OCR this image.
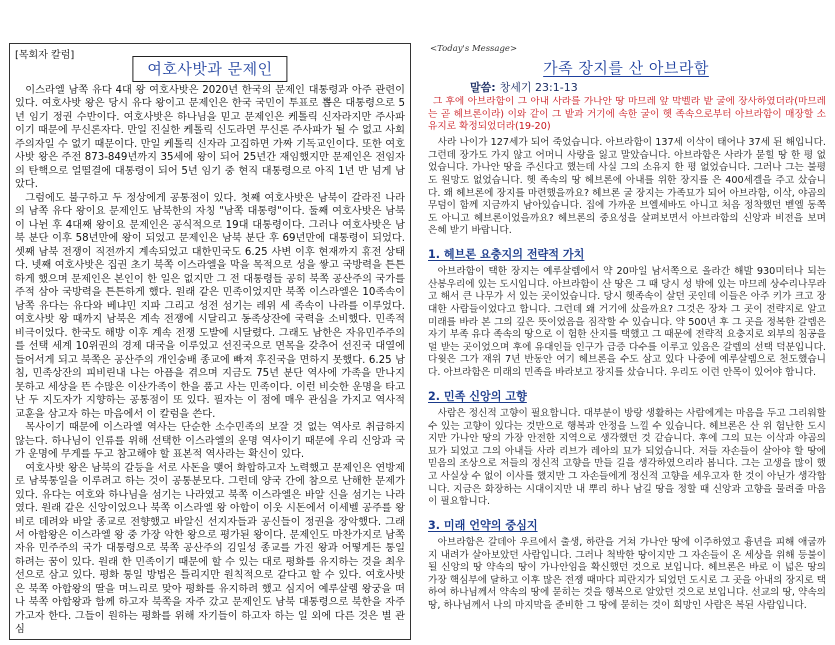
[목회자 칼럼]
여호사밧과 문제인

이스라엘 남쪽 유다 4대 왕 여호사밧은 2020년 한국의 문제인 대통령과 아주 관련이 있다. 여호사밧 왕은 당시 유다 왕이고 문제인은 한국 국민이 투표로 뽑은 대통령으로 5년 임기 정권 수반이다. 여호사밧은 하나님을 믿고 문제인은 케톨릭 신자라지만 주사파이기 때문에 무신론자다. 만일 진실한 케톨릭 신도라면 무신론 주사파가 될 수 없고 사회주의자일 수 없기 때문이다. 만일 케톨릭 신자라 고집하면 가짜 기독교인이다. 또한 여호사밧 왕은 주전 873-849년까지 35세에 왕이 되어 25년간 재임했지만 문제인은 전임자의 탄핵으로 얼떨결에 대통령이 되어 5년 임기 중 현직 대통령으로 아직 1년 반 넘게 남았다.

그럼에도 불구하고 두 정상에게 공통점이 있다. 첫째 여호사밧은 남북이 갈라진 나라의 남쪽 유다 왕이요 문제인도 남북한의 자칭 "남쪽 대통령"이다. 둘째 여호사밧은 남북이 나뉜 후 4대째 왕이요 문제인은 공식적으로 19대 대통령이다. 그러나 여호사밧은 남북 분단 이후 58년만에 왕이 되었고 문제인은 남북 분단 후 69년만에 대통령이 되었다. 셋째 남북 전쟁이 직전까지 계속되었고 대한민국도 6.25 사변 이후 현재까지 휴전 상태다. 넷째 여호사밧은 집권 초기 북쪽 이스라엘을 막을 목적으로 성을 쌓고 국방력을 튼튼하게 했으며 문제인은 본인이 한 일은 없지만 그 전 대통령들 공히 북쪽 공산주의 국가를 주적 삼아 국방력을 튼튼하게 했다. 원래 같은 민족이었지만 북쪽 이스라엘은 10족속이 남쪽 유다는 유다와 베냐민 지파 그리고 성전 섬기는 레위 세 족속이 나라를 이루었다. 여호사밧 왕 때까지 남북은 계속 전쟁에 시달리고 동족상잔에 국력을 소비했다. 민족적 비극이었다. 한국도 해방 이후 계속 전쟁 도발에 시달렸다. 그래도 남한은 자유민주주의를 선택 세계 10위권의 경제 대국을 이루었고 선진국으로 면목을 갖추어 선진국 대열에 들어서게 되고 북쪽은 공산주의 개인숭배 종교에 빠져 후진국을 면하지 못했다. 6.25 남침, 민족상잔의 피비린내 나는 아픔을 겪으며 지금도 75년 분단 역사에 가족을 만나지 못하고 세상을 뜬 수많은 이산가족이 한을 품고 사는 민족이다. 이런 비슷한 운명을 타고난 두 지도자가 지향하는 공통점이 또 있다. 필자는 이 점에 매우 관심을 가지고 역사적 교훈을 삼고자 하는 마음에서 이 칼럼을 쓴다.

목사이기 때문에 이스라엘 역사는 단순한 소수민족의 보잘 것 없는 역사로 취급하지 않는다. 하나님이 인류를 위해 선택한 이스라엘의 운명 역사이기 때문에 우리 신앙과 국가 운명에 무게를 두고 참고해야 할 표본적 역사라는 확신이 있다.

여호사밧 왕은 남북의 갈등을 서로 사돈을 맺어 화합하고자 노력했고 문제인은 연방제로 남북통일을 이루려고 하는 것이 공통분모다. 그런데 양국 간에 참으로 난해한 문제가 있다. 유다는 여호와 하나님을 섬기는 나라였고 북쪽 이스라엘은 바알 신을 섬기는 나라였다. 원래 같은 신앙이었으나 북쪽 이스라엘 왕 아합이 이웃 시돈에서 이세벨 공주를 왕비로 데려와 바알 종교로 전향했고 바알신 선지자들과 공신들이 정권을 장악했다. 그래서 아합왕은 이스라엘 왕 중 가장 악한 왕으로 평가된 왕이다. 문제인도 마찬가지로 남쪽 자유 민주주의 국가 대통령으로 북쪽 공산주의 김일성 종교를 가진 왕과 어떻게든 통일하려는 꿈이 있다. 원래 한 민족이기 때문에 할 수 있는 대로 평화를 유지하는 것을 최우선으로 삼고 있다. 평화 통일 방법은 틀리지만 원칙적으로 같다고 할 수 있다. 여호사밧은 북쪽 아합왕의 딸을 며느리로 맞아 평화를 유지하려 했고 심지어 예루살렘 왕궁을 떠나 북쪽 아합왕과 함께 하고자 북쪽을 자주 갔고 문제인도 남북 대통령으로 북한을 자주 가고자 한다. 그들이 원하는 평화를 위해 자기들이 하고자 하는 일 외에 다른 것은 별 관심

<Today's Message>
가족 장지를 산 아브라함
말씀: 창세기 23:1-13

그 후에 아브라함이 그 아내 사라를 가나안 땅 마므레 앞 막벨라 밭 굴에 장사하였더라(마므레는 곧 헤브론이라) 이와 같이 그 밭과 거기에 속한 굴이 헷 족속으로부터 아브라함이 매장할 소유지로 확정되었더라(19-20)

사라 나이가 127세가 되어 죽었습니다. 아브라함이 137세 이삭이 태어나 37세 된 해입니다. 그런데 장가도 가지 않고 어머니 사랑을 잃고 말았습니다. 아브라함은 사라가 묻힐 땅 한 평 없었습니다. 가나안 땅을 주신다고 했는데 사실 그의 소유지 한 평 없었습니다. 그러나 그는 불평도 원망도 없었습니다. 헷 족속의 땅 헤브론에 아내를 위한 장지를 은 400세겔을 주고 샀습니다. 왜 헤브론에 장지를 마련했을까요? 헤브론 굴 장지는 가족묘가 되어 아브라함, 이삭, 야곱의 무덤이 함께 지금까지 남아있습니다. 집에 가까운 브엘세바도 아니고 처음 정착했던 벧엘 동쪽도 아니고 헤브론이었을까요? 헤브론의 중요성을 살펴보면서 아브라함의 신앙과 비전을 보며 은혜 받기 바랍니다.

1. 헤브론 요충지의 전략적 가치

아브라함이 택한 장지는 예루살렘에서 약 20마일 남서쪽으로 올라간 해발 930미터나 되는 산봉우리에 있는 도시입니다. 아브라함이 산 땅은 그 때 당시 성 밖에 있는 마므레 상수리나무라고 해서 큰 나무가 서 있는 곳이었습니다. 당시 헷족속이 살던 곳인데 이들은 아주 키가 크고 장대한 사람들이었다고 합니다. 그런데 왜 거기에 샀을까요? 그것은 장차 그 곳이 전략지로 알고 미래를 바라 본 그의 깊은 뜻이었음을 짐작할 수 있습니다. 약 500년 후 그 곳을 정복한 갈렙은 자기 부족 유다 족속의 땅으로 이 험한 산지를 택했고 그 때문에 전략적 요충지로 외부의 침공을 덜 받는 곳이었으며 후에 유대인들 인구가 급증 다수를 이루고 있음은 갈렙의 선택 덕분입니다. 다윗은 그가 재위 7년 반동안 여기 헤브론을 수도 삼고 있다 나중에 예루살렘으로 천도했습니다. 아브라함은 미래의 민족을 바라보고 장지를 샀습니다. 우리도 이런 안목이 있어야 합니다.

2. 민족 신앙의 고향

사람은 정신적 고향이 필요합니다. 대부분이 방랑 생활하는 사람에게는 마음을 두고 그리워할 수 있는 고향이 있다는 것만으로 행복과 안정을 느낄 수 있습니다. 헤브론은 산 위 험난한 도시지만 가나안 땅의 가장 안전한 지역으로 생각했던 것 같습니다. 후에 그의 묘는 이삭과 야곱의 묘가 되었고 그의 아내들 사라 리브가 레아의 묘가 되었습니다. 저들 자손들이 살아야 할 땅에 믿음의 조상으로 저들의 정신적 고향을 만들 길을 생각하였으리라 봅니다. 그는 고생을 많이 했고 사실상 수 없이 이사를 했지만 그 자손들에게 정신적 고향을 세우고자 한 것이 아닌가 생각합니다. 지금은 화장하는 시대이지만 내 뿌리 하나 남길 땅을 정할 때 신앙과 고향을 물려줄 마음이 필요합니다.

3. 미래 언약의 중심지

아브라함은 갈데아 우르에서 출생, 하란을 거쳐 가나안 땅에 이주하였고 흉년을 피해 애굽까지 내려가 살아보았던 사람입니다. 그러나 척박한 땅이지만 그 자손들이 온 세상을 위해 등불이 될 신앙의 땅 약속의 땅이 가나안임을 확신했던 것으로 보입니다. 헤브론은 바로 이 넓은 땅의 가장 핵심부에 달하고 이후 많은 전쟁 때마다 피란지가 되었던 도시로 그 곳을 아내의 장지로 택하여 하나님께서 약속의 땅에 묻히는 것을 행복으로 알았던 것으로 보입니다. 선교의 땅, 약속의 땅, 하나님께서 나의 마지막을 준비한 그 땅에 묻히는 것이 희망인 사람은 복된 사람입니다.
